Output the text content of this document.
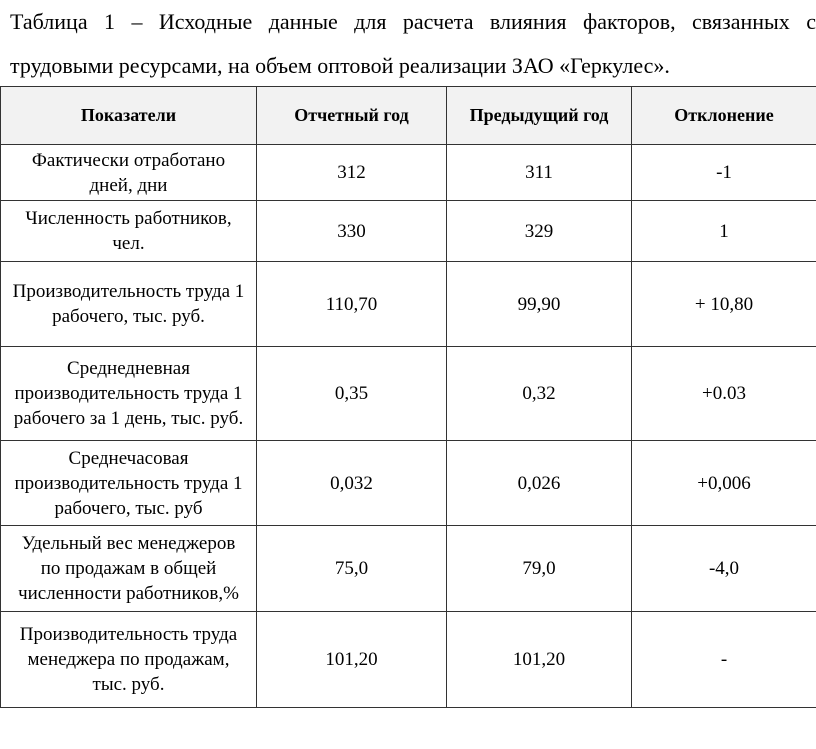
Таблица 1 – Исходные данные для расчета влияния факторов, связанных с
трудовыми ресурсами, на объем оптовой реализации ЗАО «Геркулес».
Показатели	Отчетный год	Предыдущий год	Отклонение
Фактически отработано
дней, дни	312	311	-1
Численность работников,
чел.	330	329	1
Производительность труда 1
рабочего, тыс. руб.	110,70	99,90	+ 10,80
Среднедневная
производительность труда 1
рабочего за 1 день, тыс. руб.	0,35	0,32	+0.03
Среднечасовая
производительность труда 1
рабочего, тыс. руб	0,032	0,026	+0,006
Удельный вес менеджеров
по продажам в общей
численности работников,%	75,0	79,0	-4,0
Производительность труда
менеджера по продажам,
тыс. руб.	101,20	101,20	-
